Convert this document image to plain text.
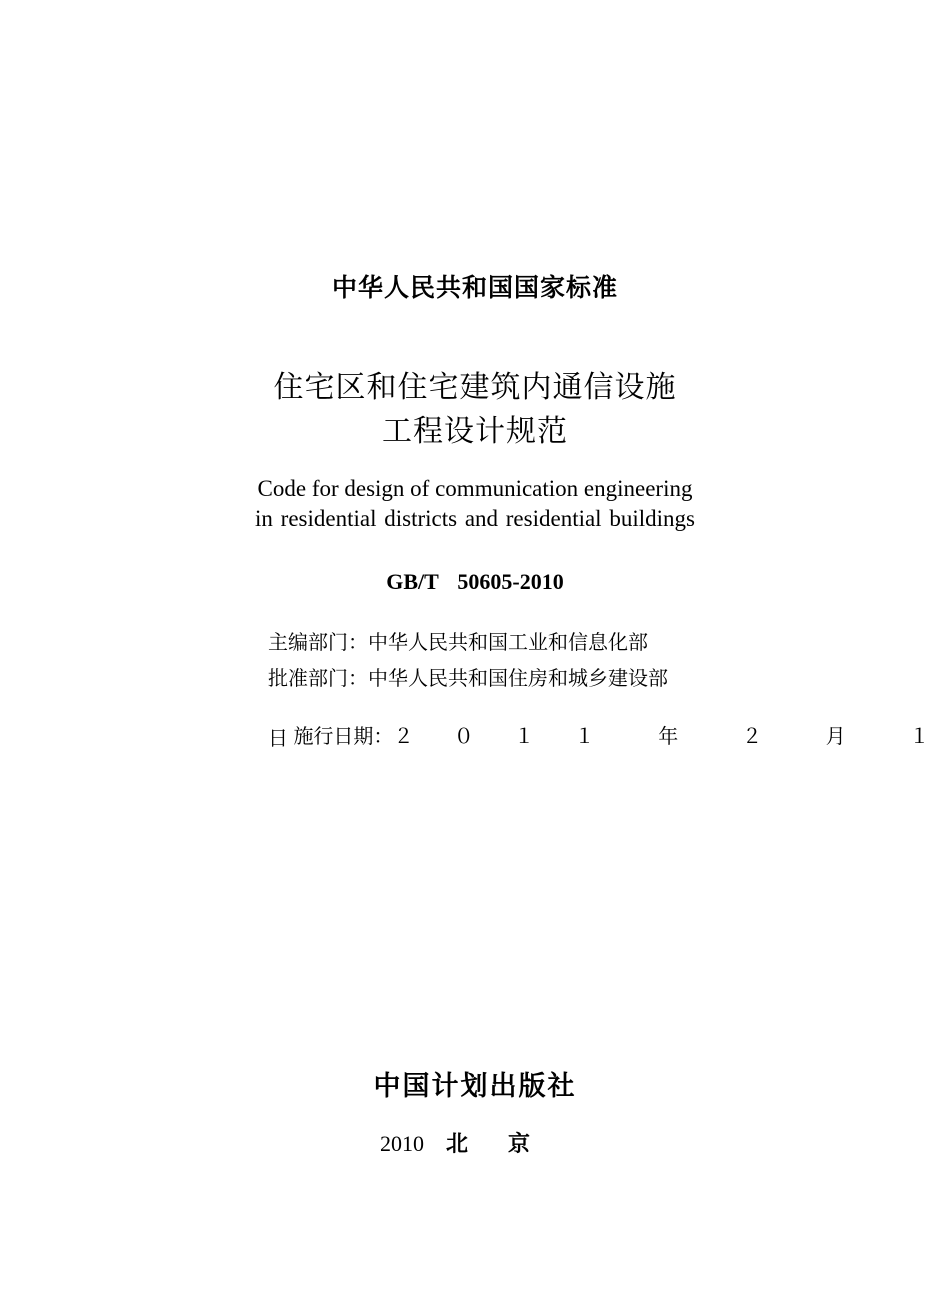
中华人民共和国国家标准
住宅区和住宅建筑内通信设施
工程设计规范
Code for design of communication engineering
in residential districts and residential buildings
GB/T  50605-2010
主编部门：中华人民共和国工业和信息化部
批准部门：中华人民共和国住房和城乡建设部

施行日期：２ ０ １ １  年  ２  月  １

日
中国计划出版社
2010 北京
